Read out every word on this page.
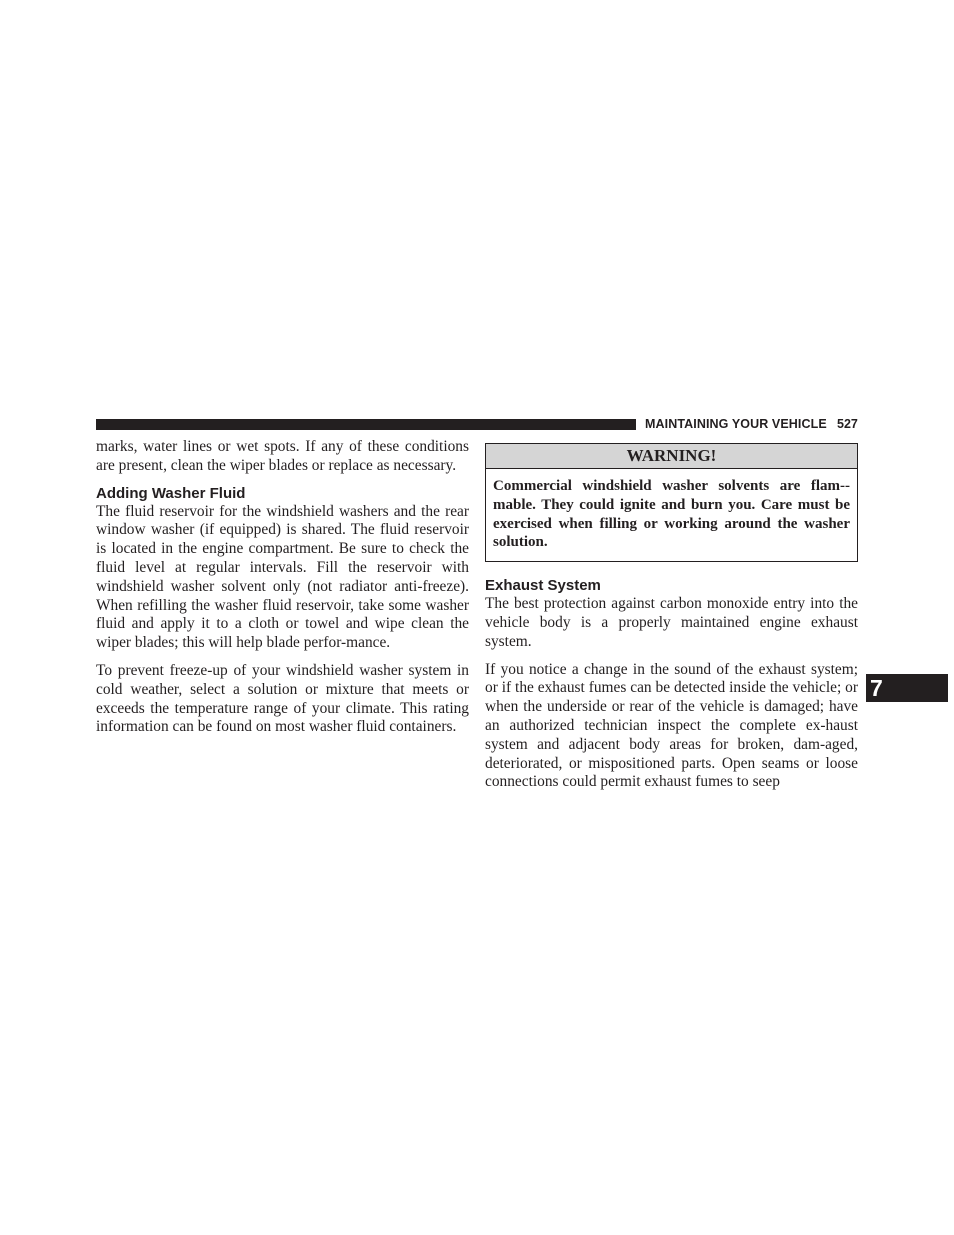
MAINTAINING YOUR VEHICLE 527

marks, water lines or wet spots. If any of these conditions are present, clean the wiper blades or replace as necessary.

Adding Washer Fluid

The fluid reservoir for the windshield washers and the rear window washer (if equipped) is shared. The fluid reservoir is located in the engine compartment. Be sure to check the fluid level at regular intervals. Fill the reservoir with windshield washer solvent only (not radiator anti-freeze). When refilling the washer fluid reservoir, take some washer fluid and apply it to a cloth or towel and wipe clean the wiper blades; this will help blade perfor-mance.

To prevent freeze-up of your windshield washer system in cold weather, select a solution or mixture that meets or exceeds the temperature range of your climate. This rating information can be found on most washer fluid containers.

WARNING!
Commercial windshield washer solvents are flam-mable. They could ignite and burn you. Care must be exercised when filling or working around the washer solution.
Exhaust System

The best protection against carbon monoxide entry into the vehicle body is a properly maintained engine exhaust system.

If you notice a change in the sound of the exhaust system; or if the exhaust fumes can be detected inside the vehicle; or when the underside or rear of the vehicle is damaged; have an authorized technician inspect the complete ex-haust system and adjacent body areas for broken, dam-aged, deteriorated, or mispositioned parts. Open seams or loose connections could permit exhaust fumes to seep

7
